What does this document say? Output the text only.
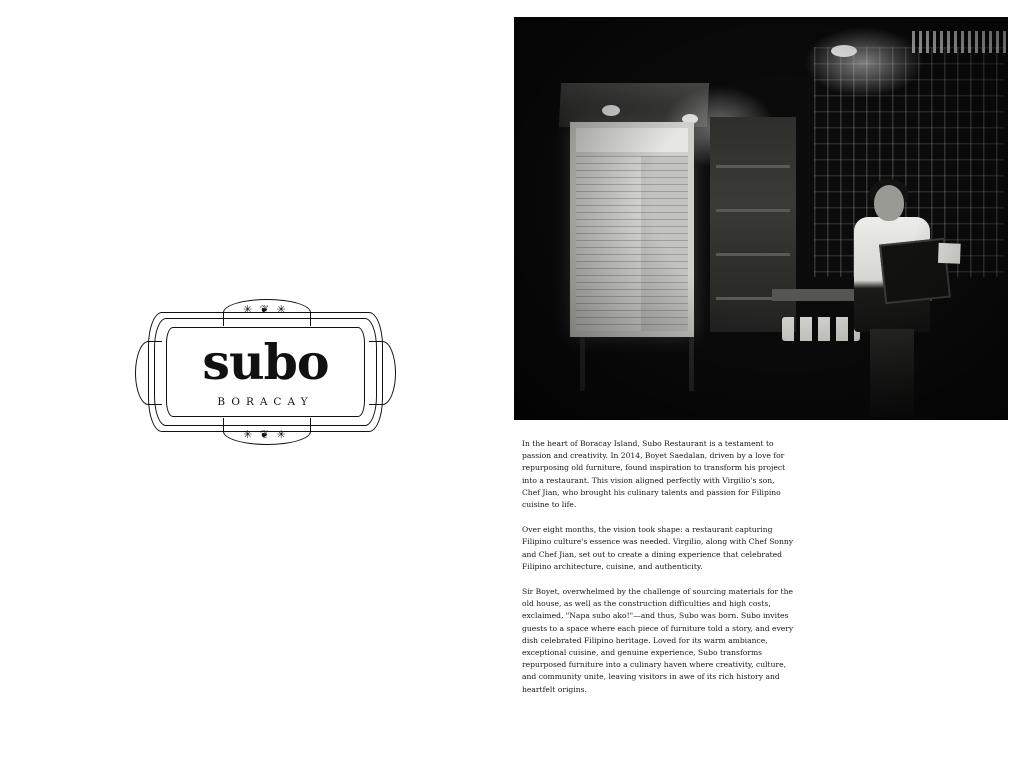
✳ ❦ ✳
✳ ❦ ✳
subo
BORACAY

In the heart of Boracay Island, Subo Restaurant is a testament to passion and creativity. In 2014, Boyet Saedalan, driven by a love for repurposing old furniture, found inspiration to transform his project into a restaurant. This vision aligned perfectly with Virgilio's son, Chef Jian, who brought his culinary talents and passion for Filipino cuisine to life.

Over eight months, the vision took shape: a restaurant capturing Filipino culture's essence was needed. Virgilio, along with Chef Sonny and Chef Jian, set out to create a dining experience that celebrated Filipino architecture, cuisine, and authenticity.

Sir Boyet, overwhelmed by the challenge of sourcing materials for the old house, as well as the construction difficulties and high costs, exclaimed, "Napa subo ako!"—and thus, Subo was born. Subo invites guests to a space where each piece of furniture told a story, and every dish celebrated Filipino heritage. Loved for its warm ambiance, exceptional cuisine, and genuine experience, Subo transforms repurposed furniture into a culinary haven where creativity, culture, and community unite, leaving visitors in awe of its rich history and heartfelt origins.
